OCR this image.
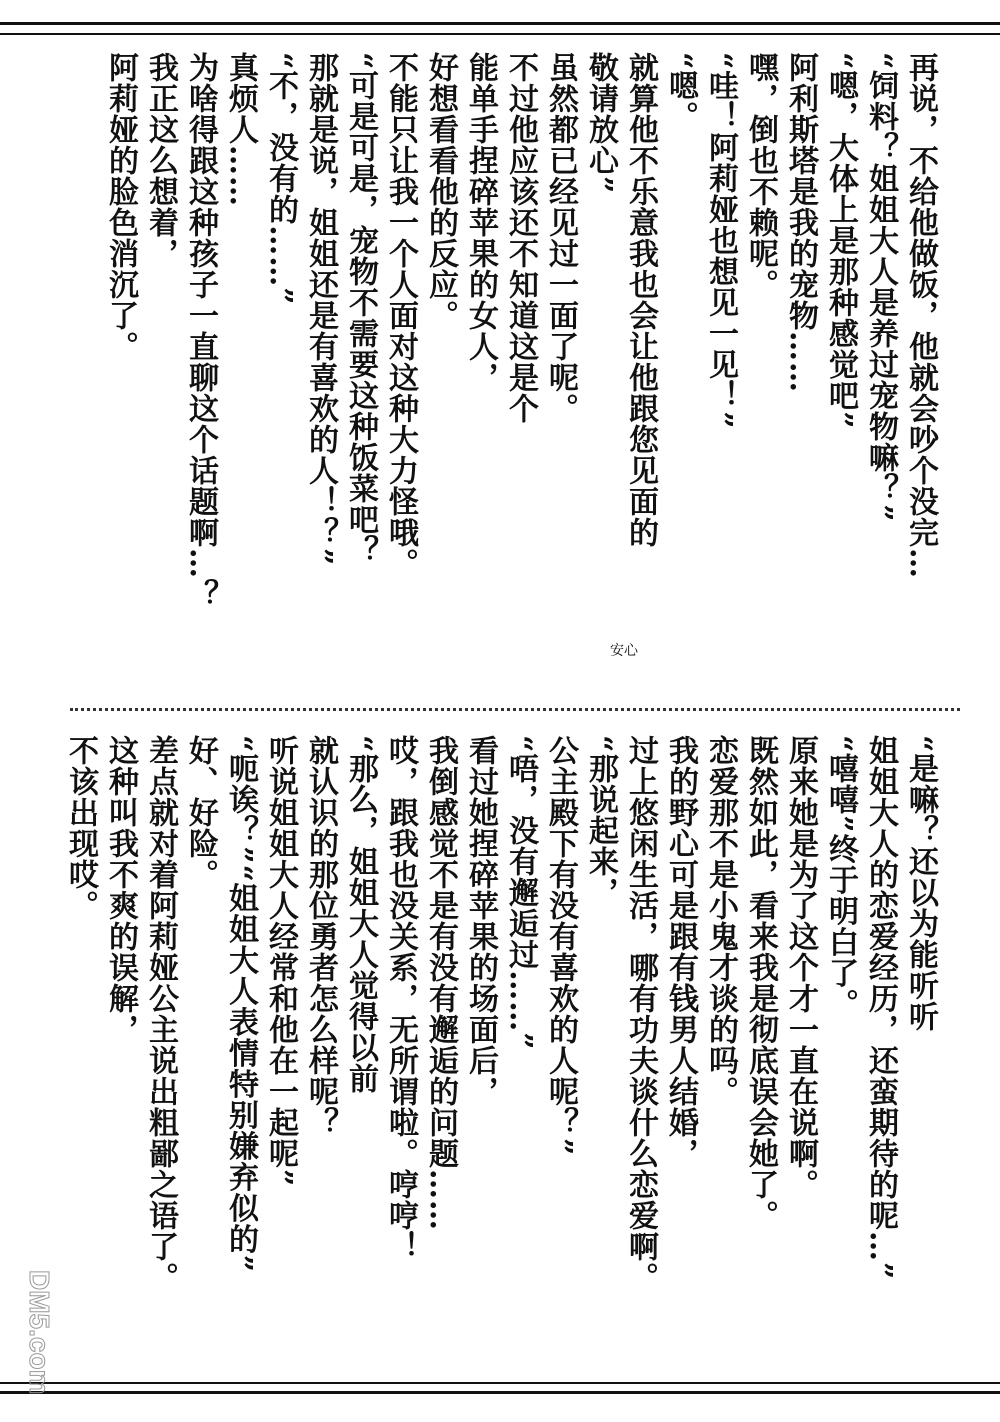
再说，不给他做饭，他就会吵个没完…
“饲料？姐姐大人是养过宠物嘛？”
“嗯，大体上是那种感觉吧”
阿利斯塔是我的宠物……
嘿，倒也不赖呢。
“哇！阿莉娅也想见一见！”
“嗯。
就算他不乐意我也会让他跟您见面的
敬请放心”
虽然都已经见过一面了呢。
不过他应该还不知道这是个
能单手捏碎苹果的女人，
好想看看他的反应。
不能只让我一个人面对这种大力怪哦。
“可是可是，宠物不需要这种饭菜吧？
那就是说，姐姐还是有喜欢的人！？”
“不，没有的……”
真烦人……
为啥得跟这种孩子一直聊这个话题啊…？
我正这么想着，
阿莉娅的脸色消沉了。
安心
“是嘛？还以为能听听
姐姐大人的恋爱经历，还蛮期待的呢…”
“嘻嘻”终于明白了。
原来她是为了这个才一直在说啊。
既然如此，看来我是彻底误会她了。
恋爱那不是小鬼才谈的吗。
我的野心可是跟有钱男人结婚，
过上悠闲生活，哪有功夫谈什么恋爱啊。
“那说起来，
公主殿下有没有喜欢的人呢？”
“唔，没有邂逅过……”
看过她捏碎苹果的场面后，
我倒感觉不是有没有邂逅的问题……
哎，跟我也没关系，无所谓啦。哼哼！
“那么，姐姐大人觉得以前
就认识的那位勇者怎么样呢？
听说姐姐大人经常和他在一起呢”
“呃诶？”“姐姐大人表情特别嫌弃似的”
好、好险。
差点就对着阿莉娅公主说出粗鄙之语了。
这种叫我不爽的误解，
不该出现哎。
DM5.com
